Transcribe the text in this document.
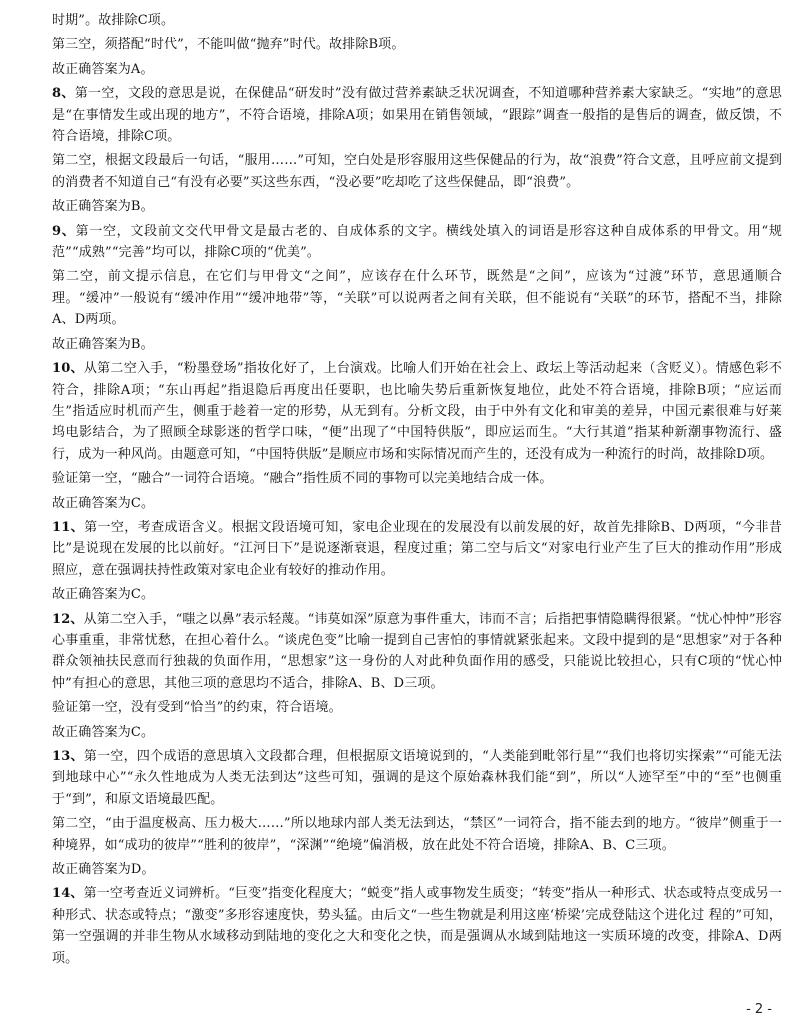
时期”。故排除C项。

第三空，须搭配“时代”，不能叫做“抛弃”时代。故排除B项。

故正确答案为A。

8、第一空，文段的意思是说，在保健品“研发时”没有做过营养素缺乏状况调查，不知道哪种营养素大家缺乏。“实地”的意思是“在事情发生或出现的地方”，不符合语境，排除A项；如果用在销售领域，“跟踪”调查一般指的是售后的调查，做反馈，不符合语境，排除C项。

第二空，根据文段最后一句话，“服用……”可知，空白处是形容服用这些保健品的行为，故“浪费”符合文意，且呼应前文提到的消费者不知道自己“有没有必要”买这些东西，“没必要”吃却吃了这些保健品，即“浪费”。

故正确答案为B。

9、第一空，文段前文交代甲骨文是最古老的、自成体系的文字。横线处填入的词语是形容这种自成体系的甲骨文。用“规范”“成熟”“完善”均可以，排除C项的“优美”。

第二空，前文提示信息，在它们与甲骨文“之间”，应该存在什么环节，既然是“之间”，应该为“过渡”环节，意思通顺合理。“缓冲”一般说有“缓冲作用”“缓冲地带”等，“关联”可以说两者之间有关联，但不能说有“关联”的环节，搭配不当，排除A、D两项。

故正确答案为B。

10、从第二空入手，“粉墨登场”指妆化好了，上台演戏。比喻人们开始在社会上、政坛上等活动起来（含贬义）。情感色彩不符合，排除A项；“东山再起”指退隐后再度出任要职，也比喻失势后重新恢复地位，此处不符合语境，排除B项；“应运而生”指适应时机而产生，侧重于趁着一定的形势，从无到有。分析文段，由于中外有文化和审美的差异，中国元素很难与好莱坞电影结合，为了照顾全球影迷的哲学口味，“便”出现了“中国特供版”，即应运而生。“大行其道”指某种新潮事物流行、盛行，成为一种风尚。由题意可知，“中国特供版”是顺应市场和实际情况而产生的，还没有成为一种流行的时尚，故排除D项。

验证第一空，“融合”一词符合语境。“融合”指性质不同的事物可以完美地结合成一体。

故正确答案为C。

11、第一空，考查成语含义。根据文段语境可知，家电企业现在的发展没有以前发展的好，故首先排除B、D两项，“今非昔比”是说现在发展的比以前好。“江河日下”是说逐渐衰退，程度过重；第二空与后文“对家电行业产生了巨大的推动作用”形成照应，意在强调扶持性政策对家电企业有较好的推动作用。

故正确答案为C。

12、从第二空入手，“嗤之以鼻”表示轻蔑。“讳莫如深”原意为事件重大，讳而不言；后指把事情隐瞒得很紧。“忧心忡忡”形容心事重重，非常忧愁，在担心着什么。“谈虎色变”比喻一提到自己害怕的事情就紧张起来。文段中提到的是“思想家”对于各种群众领袖扶民意而行独裁的负面作用，“思想家”这一身份的人对此种负面作用的感受，只能说比较担心，只有C项的“忧心忡忡”有担心的意思，其他三项的意思均不适合，排除A、B、D三项。

验证第一空，没有受到“恰当”的约束，符合语境。

故正确答案为C。

13、第一空，四个成语的意思填入文段都合理，但根据原文语境说到的，“人类能到毗邻行星”“我们也将切实探索”“可能无法到地球中心”“永久性地成为人类无法到达”这些可知，强调的是这个原始森林我们能“到”，所以“人迹罕至”中的“至”也侧重于“到”，和原文语境最匹配。

第二空，“由于温度极高、压力极大……”所以地球内部人类无法到达，“禁区”一词符合，指不能去到的地方。“彼岸”侧重于一种境界，如“成功的彼岸”“胜利的彼岸”，“深渊”“绝境”偏消极，放在此处不符合语境，排除A、B、C三项。

故正确答案为D。

14、第一空考查近义词辨析。“巨变”指变化程度大；“蜕变”指人或事物发生质变；“转变”指从一种形式、状态或特点变成另一种形式、状态或特点；“激变”多形容速度快，势头猛。由后文“一些生物就是利用这座‘桥梁’完成登陆这个进化过 程的”可知，第一空强调的并非生物从水域移动到陆地的变化之大和变化之快，而是强调从水域到陆地这一实质环境的改变，排除A、D两项。

- 2 -
